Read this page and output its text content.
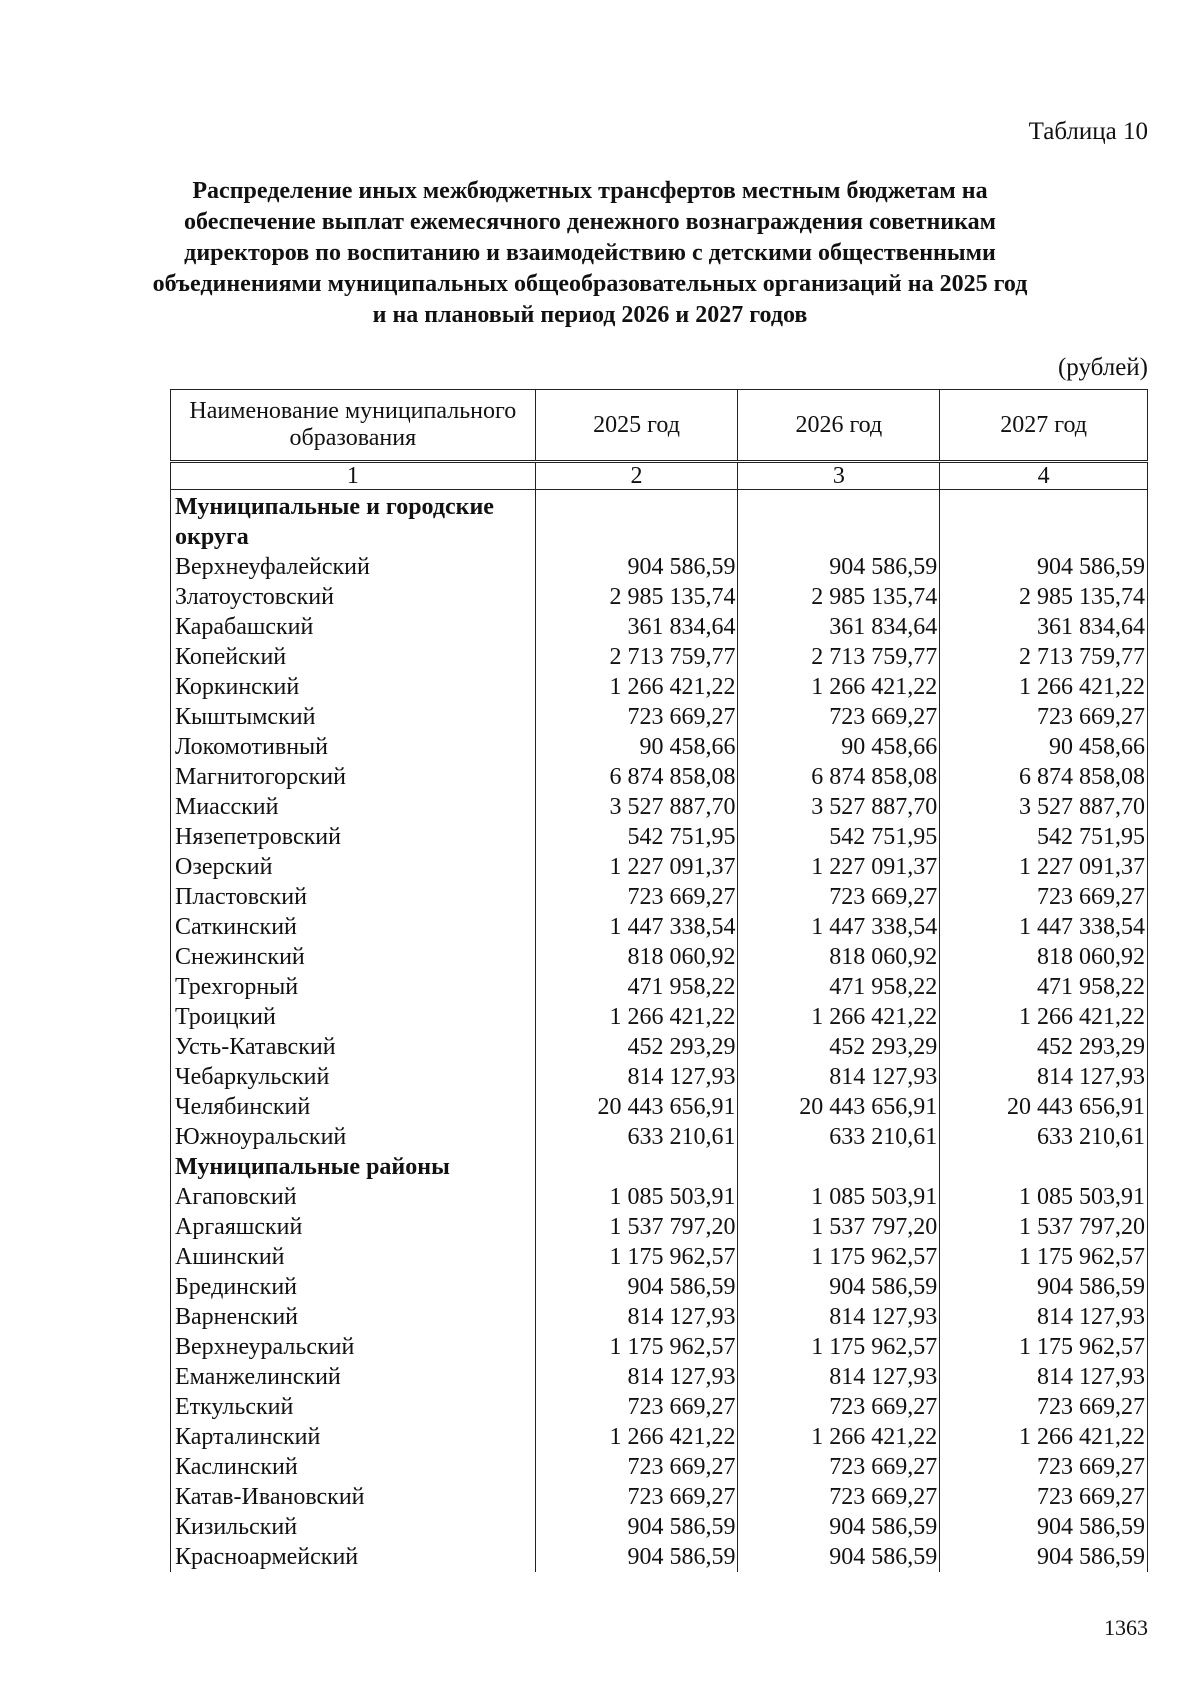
Таблица 10
Распределение иных межбюджетных трансфертов местным бюджетам на
обеспечение выплат ежемесячного денежного вознаграждения советникам
директоров по воспитанию и взаимодействию с детскими общественными
объединениями муниципальных общеобразовательных организаций на 2025 год
и на плановый период 2026 и 2027 годов
(рублей)
Наименование муниципального образования	2025 год	2026 год	2027 год
1	2	3	4
Муниципальные и городские округа			
Верхнеуфалейский	904 586,59	904 586,59	904 586,59
Златоустовский	2 985 135,74	2 985 135,74	2 985 135,74
Карабашский	361 834,64	361 834,64	361 834,64
Копейский	2 713 759,77	2 713 759,77	2 713 759,77
Коркинский	1 266 421,22	1 266 421,22	1 266 421,22
Кыштымский	723 669,27	723 669,27	723 669,27
Локомотивный	90 458,66	90 458,66	90 458,66
Магнитогорский	6 874 858,08	6 874 858,08	6 874 858,08
Миасский	3 527 887,70	3 527 887,70	3 527 887,70
Нязепетровский	542 751,95	542 751,95	542 751,95
Озерский	1 227 091,37	1 227 091,37	1 227 091,37
Пластовский	723 669,27	723 669,27	723 669,27
Саткинский	1 447 338,54	1 447 338,54	1 447 338,54
Снежинский	818 060,92	818 060,92	818 060,92
Трехгорный	471 958,22	471 958,22	471 958,22
Троицкий	1 266 421,22	1 266 421,22	1 266 421,22
Усть-Катавский	452 293,29	452 293,29	452 293,29
Чебаркульский	814 127,93	814 127,93	814 127,93
Челябинский	20 443 656,91	20 443 656,91	20 443 656,91
Южноуральский	633 210,61	633 210,61	633 210,61
Муниципальные районы			
Агаповский	1 085 503,91	1 085 503,91	1 085 503,91
Аргаяшский	1 537 797,20	1 537 797,20	1 537 797,20
Ашинский	1 175 962,57	1 175 962,57	1 175 962,57
Брединский	904 586,59	904 586,59	904 586,59
Варненский	814 127,93	814 127,93	814 127,93
Верхнеуральский	1 175 962,57	1 175 962,57	1 175 962,57
Еманжелинский	814 127,93	814 127,93	814 127,93
Еткульский	723 669,27	723 669,27	723 669,27
Карталинский	1 266 421,22	1 266 421,22	1 266 421,22
Каслинский	723 669,27	723 669,27	723 669,27
Катав-Ивановский	723 669,27	723 669,27	723 669,27
Кизильский	904 586,59	904 586,59	904 586,59
Красноармейский	904 586,59	904 586,59	904 586,59
1363
